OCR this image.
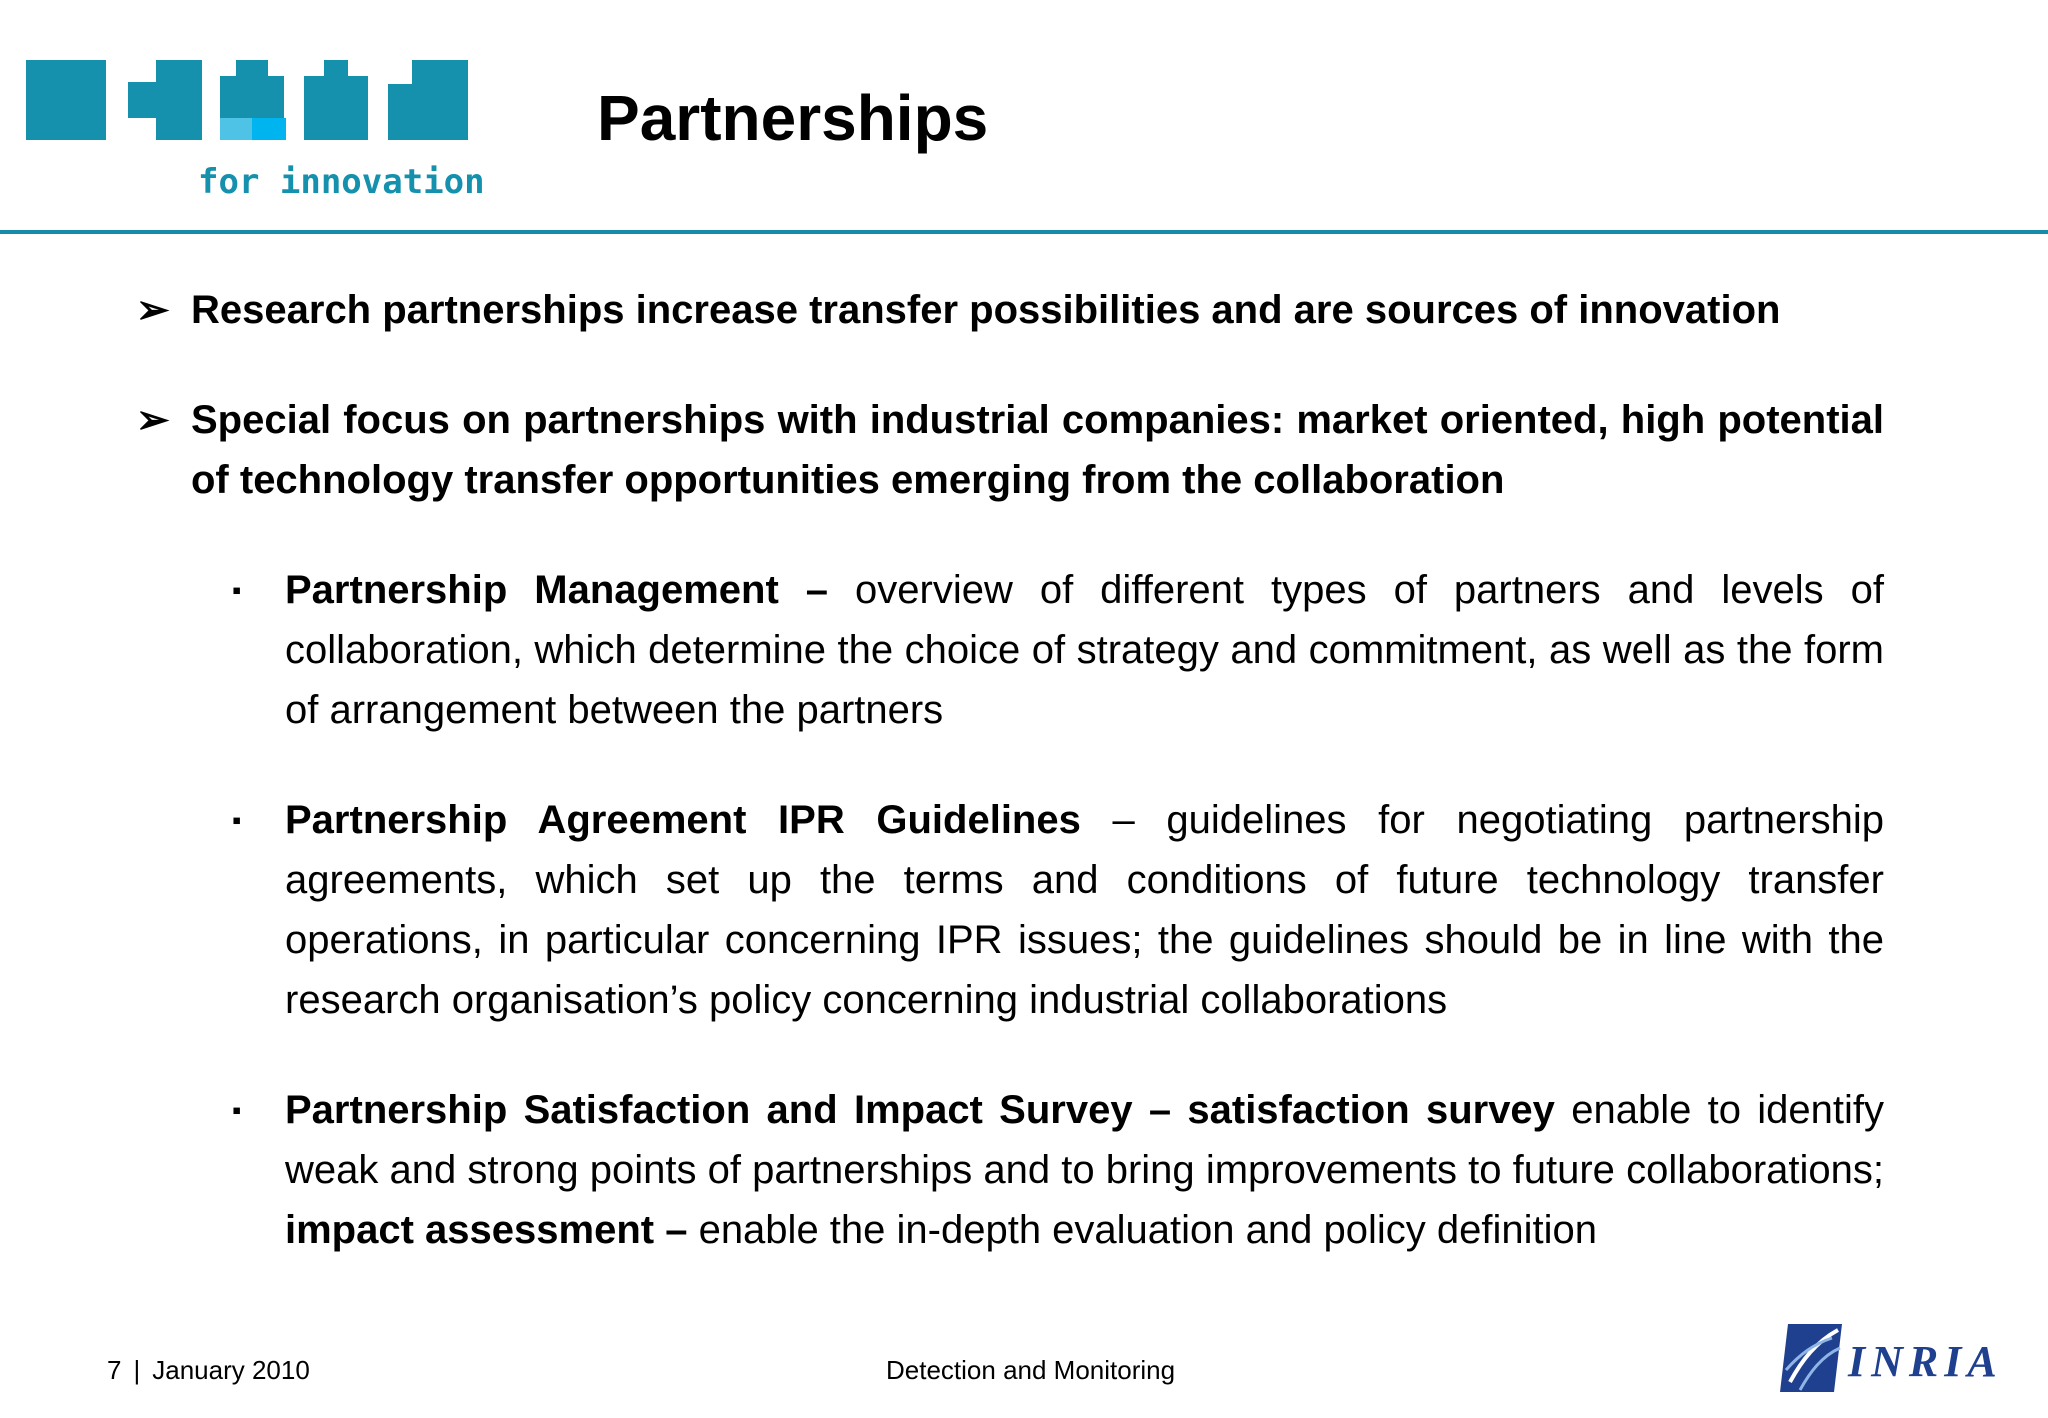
for innovation
Partnerships
➢ Research partnerships increase transfer possibilities and are sources of innovation
➢ Special focus on partnerships with industrial companies: market oriented, high potential of technology transfer opportunities emerging from the collaboration
▪ Partnership Management – overview of different types of partners and levels of collaboration, which determine the choice of strategy and commitment, as well as the form of arrangement between the partners
▪ Partnership Agreement IPR Guidelines – guidelines for negotiating partnership agreements, which set up the terms and conditions of future technology transfer operations, in particular concerning IPR issues; the guidelines should be in line with the research organisation’s policy concerning industrial collaborations
▪ Partnership Satisfaction and Impact Survey – satisfaction survey enable to identify weak and strong points of partnerships and to bring improvements to future collaborations; impact assessment – enable the in-depth evaluation and policy definition
7 | January 2010	Detection and Monitoring	INRIA
